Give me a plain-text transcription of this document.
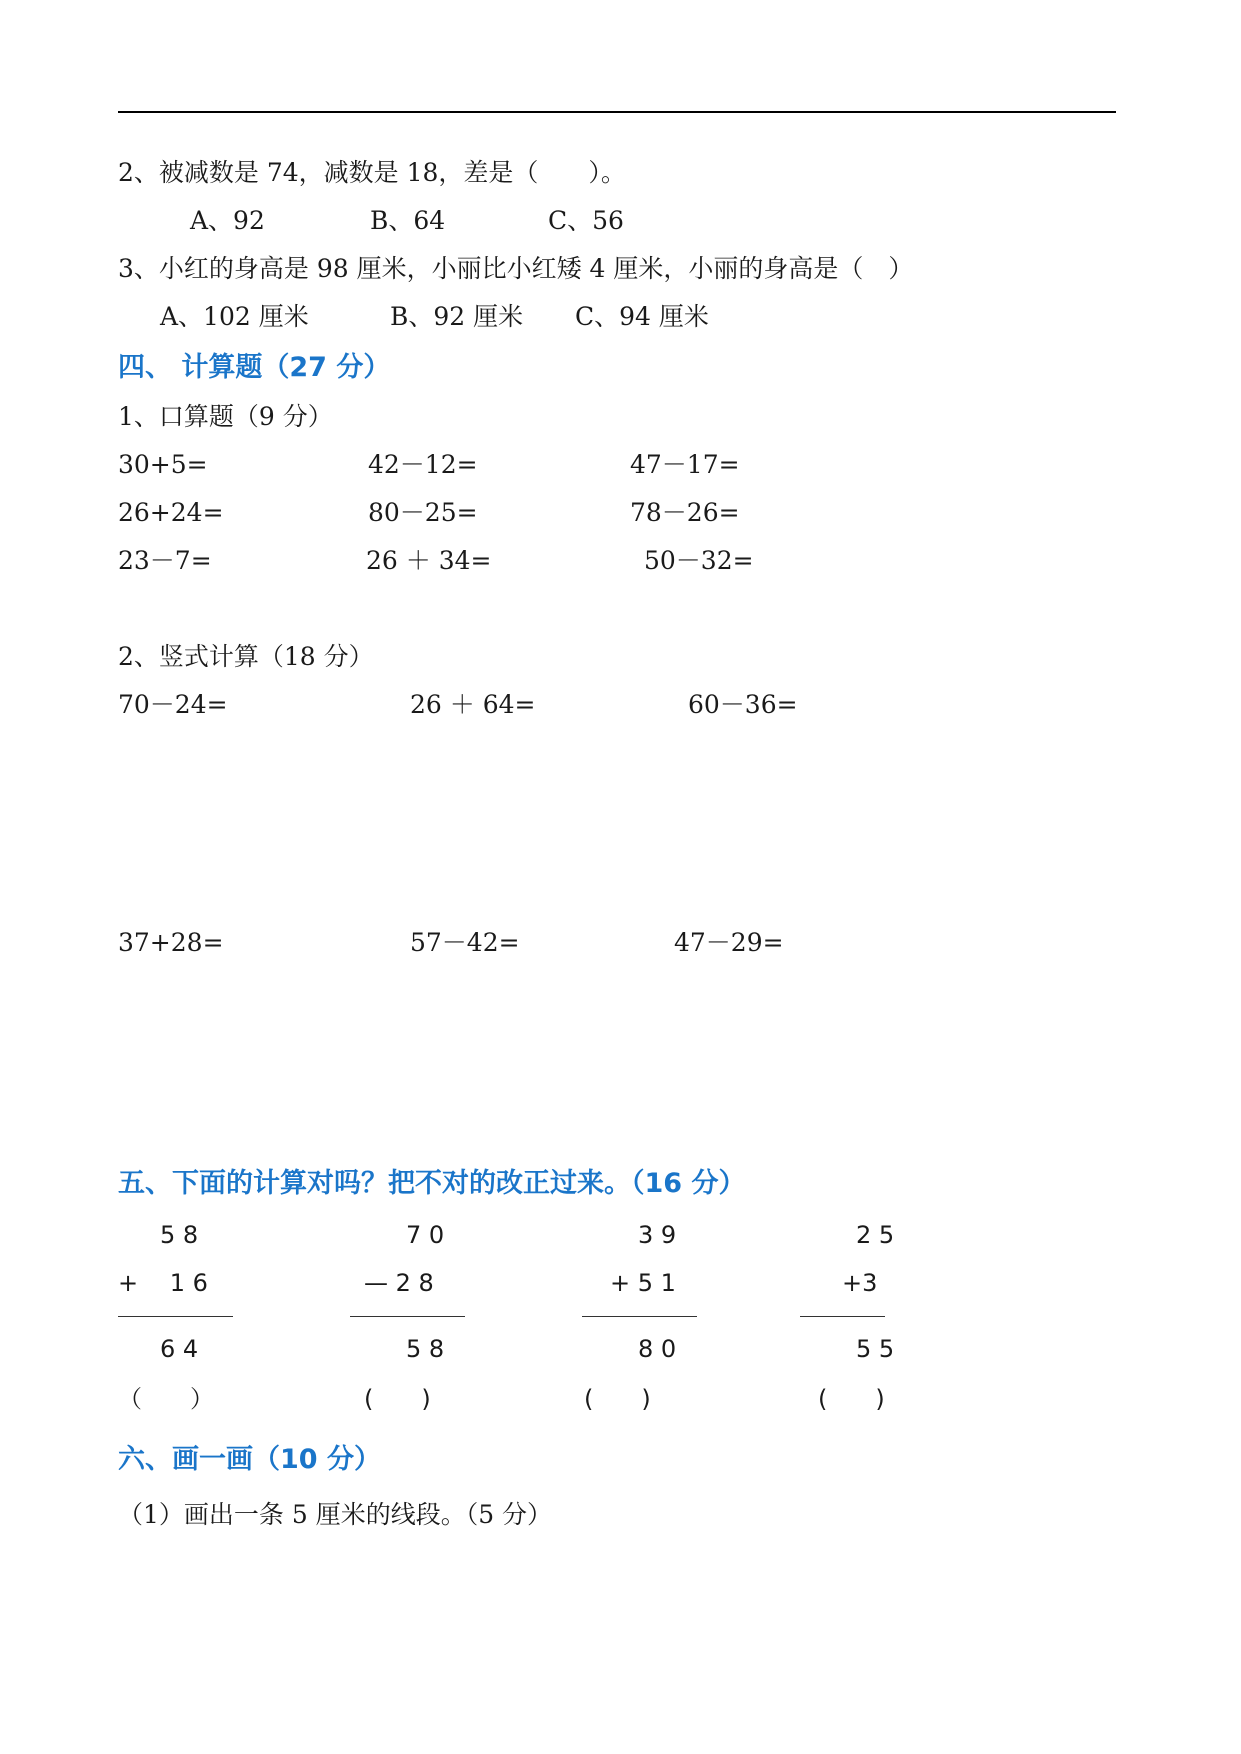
2、被减数是 74，减数是 18，差是（　　）。
A、92	B、64	C、56
3、小红的身高是 98 厘米，小丽比小红矮 4 厘米，小丽的身高是（　）
A、102 厘米	B、92 厘米 C、94 厘米
四、 计算题（27 分）
1、口算题（9 分）
30+5=	42－12=	47－17=
26+24=	80－25=	78－26=
23－7=	26 ＋ 34=	50－32=
2、竖式计算（18 分）
70－24=	26 ＋ 64=	60－36=
37+28=	57－42=	47－29=
五、下面的计算对吗？把不对的改正过来。（16 分）
5 8
+ 　1 6
6 4
（　　）
7 0
— 2 8
5 8
(　　)
3 9
+ 5 1
8 0
(　　)
2 5
+3
5 5
(　　)
六、画一画（10 分）
（1）画出一条 5 厘米的线段。（5 分）
